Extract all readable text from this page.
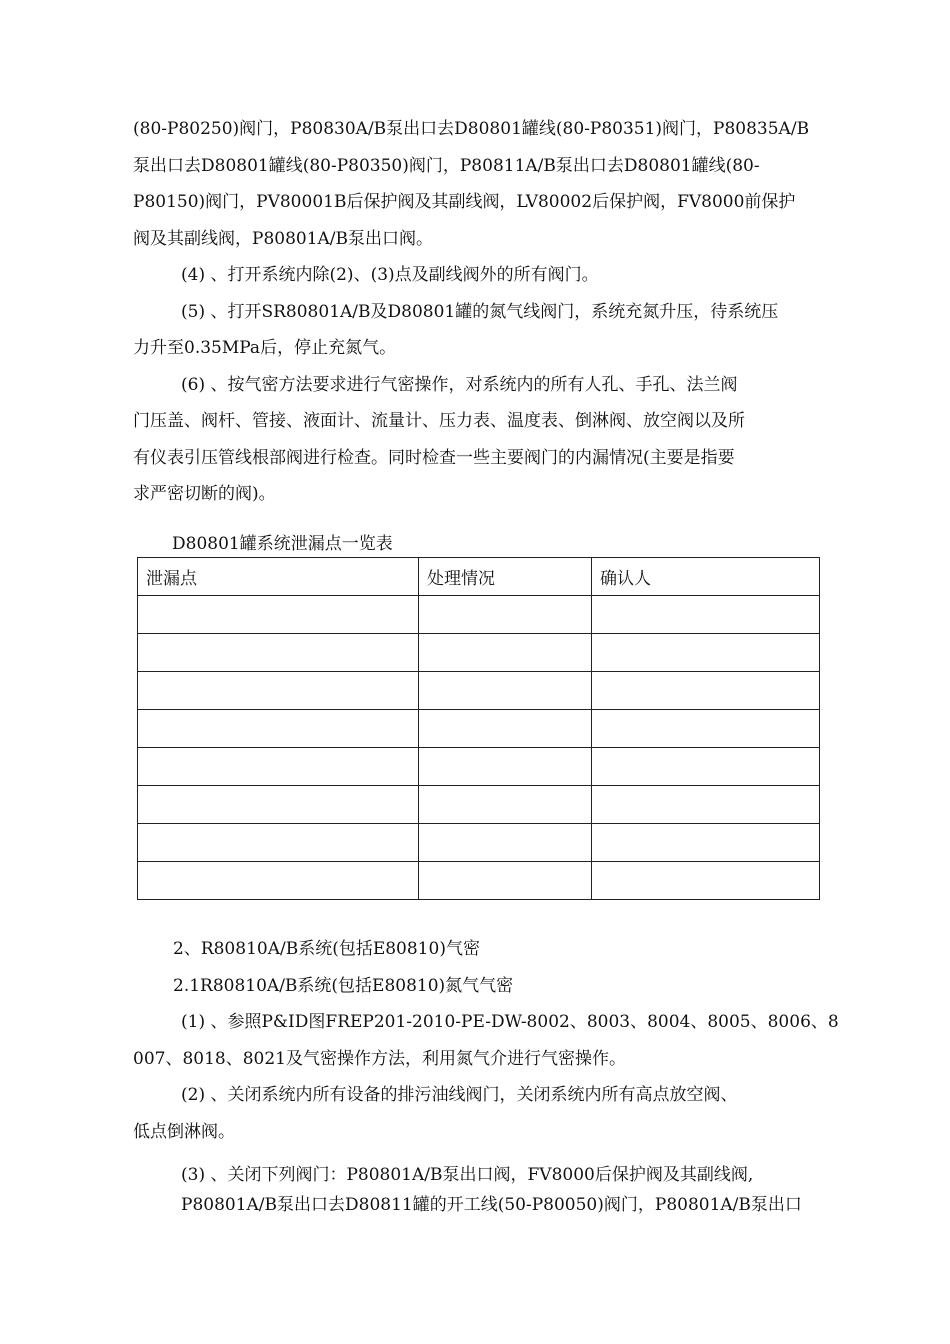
(80-P80250)阀门，P80830A/B泵出口去D80801罐线(80-P80351)阀门，P80835A/B
泵出口去D80801罐线(80-P80350)阀门，P80811A/B泵出口去D80801罐线(80-
P80150)阀门，PV80001B后保护阀及其副线阀，LV80002后保护阀，FV8000前保护
阀及其副线阀，P80801A/B泵出口阀。
(4) 、打开系统内除(2)、(3)点及副线阀外的所有阀门。
(5) 、打开SR80801A/B及D80801罐的氮气线阀门，系统充氮升压，待系统压
力升至0.35MPa后，停止充氮气。
(6) 、按气密方法要求进行气密操作，对系统内的所有人孔、手孔、法兰阀
门压盖、阀杆、管接、液面计、流量计、压力表、温度表、倒淋阀、放空阀以及所
有仪表引压管线根部阀进行检查。同时检查一些主要阀门的内漏情况(主要是指要
求严密切断的阀)。
D80801罐系统泄漏点一览表
泄漏点	处理情况	确认人

2、R80810A/B系统(包括E80810)气密
2.1R80810A/B系统(包括E80810)氮气气密
(1) 、参照P&ID图FREP201-2010-PE-DW-8002、8003、8004、8005、8006、8
007、8018、8021及气密操作方法，利用氮气介进行气密操作。
(2) 、关闭系统内所有设备的排污油线阀门，关闭系统内所有高点放空阀、
低点倒淋阀。
(3) 、关闭下列阀门：P80801A/B泵出口阀，FV8000后保护阀及其副线阀,
P80801A/B泵出口去D80811罐的开工线(50-P80050)阀门，P80801A/B泵出口
